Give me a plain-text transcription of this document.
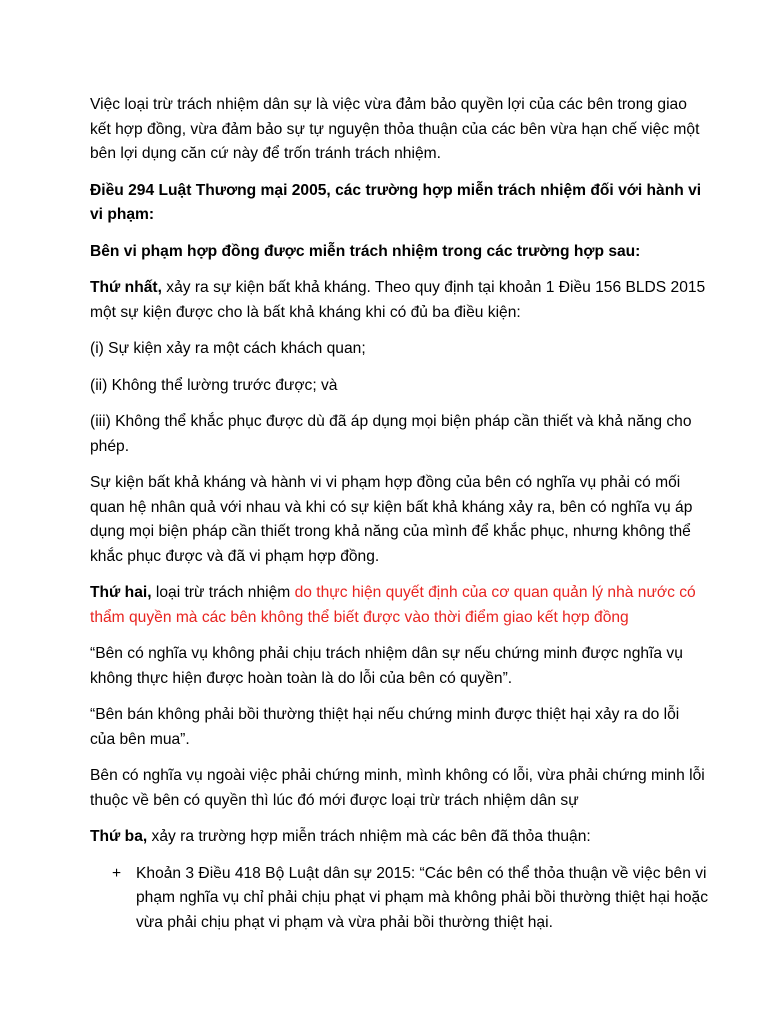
Việc loại trừ trách nhiệm dân sự là việc vừa đảm bảo quyền lợi của các bên trong giao kết hợp đồng, vừa đảm bảo sự tự nguyện thỏa thuận của các bên vừa hạn chế việc một bên lợi dụng căn cứ này để trốn tránh trách nhiệm.

Điều 294 Luật Thương mại 2005, các trường hợp miễn trách nhiệm đối với hành vi vi phạm:

Bên vi phạm hợp đồng được miễn trách nhiệm trong các trường hợp sau:

Thứ nhất, xảy ra sự kiện bất khả kháng. Theo quy định tại khoản 1 Điều 156 BLDS 2015 một sự kiện được cho là bất khả kháng khi có đủ ba điều kiện:

(i) Sự kiện xảy ra một cách khách quan;

(ii) Không thể lường trước được; và

(iii) Không thể khắc phục được dù đã áp dụng mọi biện pháp cần thiết và khả năng cho phép.

Sự kiện bất khả kháng và hành vi vi phạm hợp đồng của bên có nghĩa vụ phải có mối quan hệ nhân quả với nhau và khi có sự kiện bất khả kháng xảy ra, bên có nghĩa vụ áp dụng mọi biện pháp cần thiết trong khả năng của mình để khắc phục, nhưng không thể khắc phục được và đã vi phạm hợp đồng.

Thứ hai, loại trừ trách nhiệm do thực hiện quyết định của cơ quan quản lý nhà nước có thẩm quyền mà các bên không thể biết được vào thời điểm giao kết hợp đồng

“Bên có nghĩa vụ không phải chịu trách nhiệm dân sự nếu chứng minh được nghĩa vụ không thực hiện được hoàn toàn là do lỗi của bên có quyền”.

“Bên bán không phải bồi thường thiệt hại nếu chứng minh được thiệt hại xảy ra do lỗi của bên mua”.

Bên có nghĩa vụ ngoài việc phải chứng minh, mình không có lỗi, vừa phải chứng minh lỗi thuộc về bên có quyền thì lúc đó mới được loại trừ trách nhiệm dân sự

Thứ ba, xảy ra trường hợp miễn trách nhiệm mà các bên đã thỏa thuận:

+ Khoản 3 Điều 418 Bộ Luật dân sự 2015: “Các bên có thể thỏa thuận về việc bên vi phạm nghĩa vụ chỉ phải chịu phạt vi phạm mà không phải bồi thường thiệt hại hoặc vừa phải chịu phạt vi phạm và vừa phải bồi thường thiệt hại.
